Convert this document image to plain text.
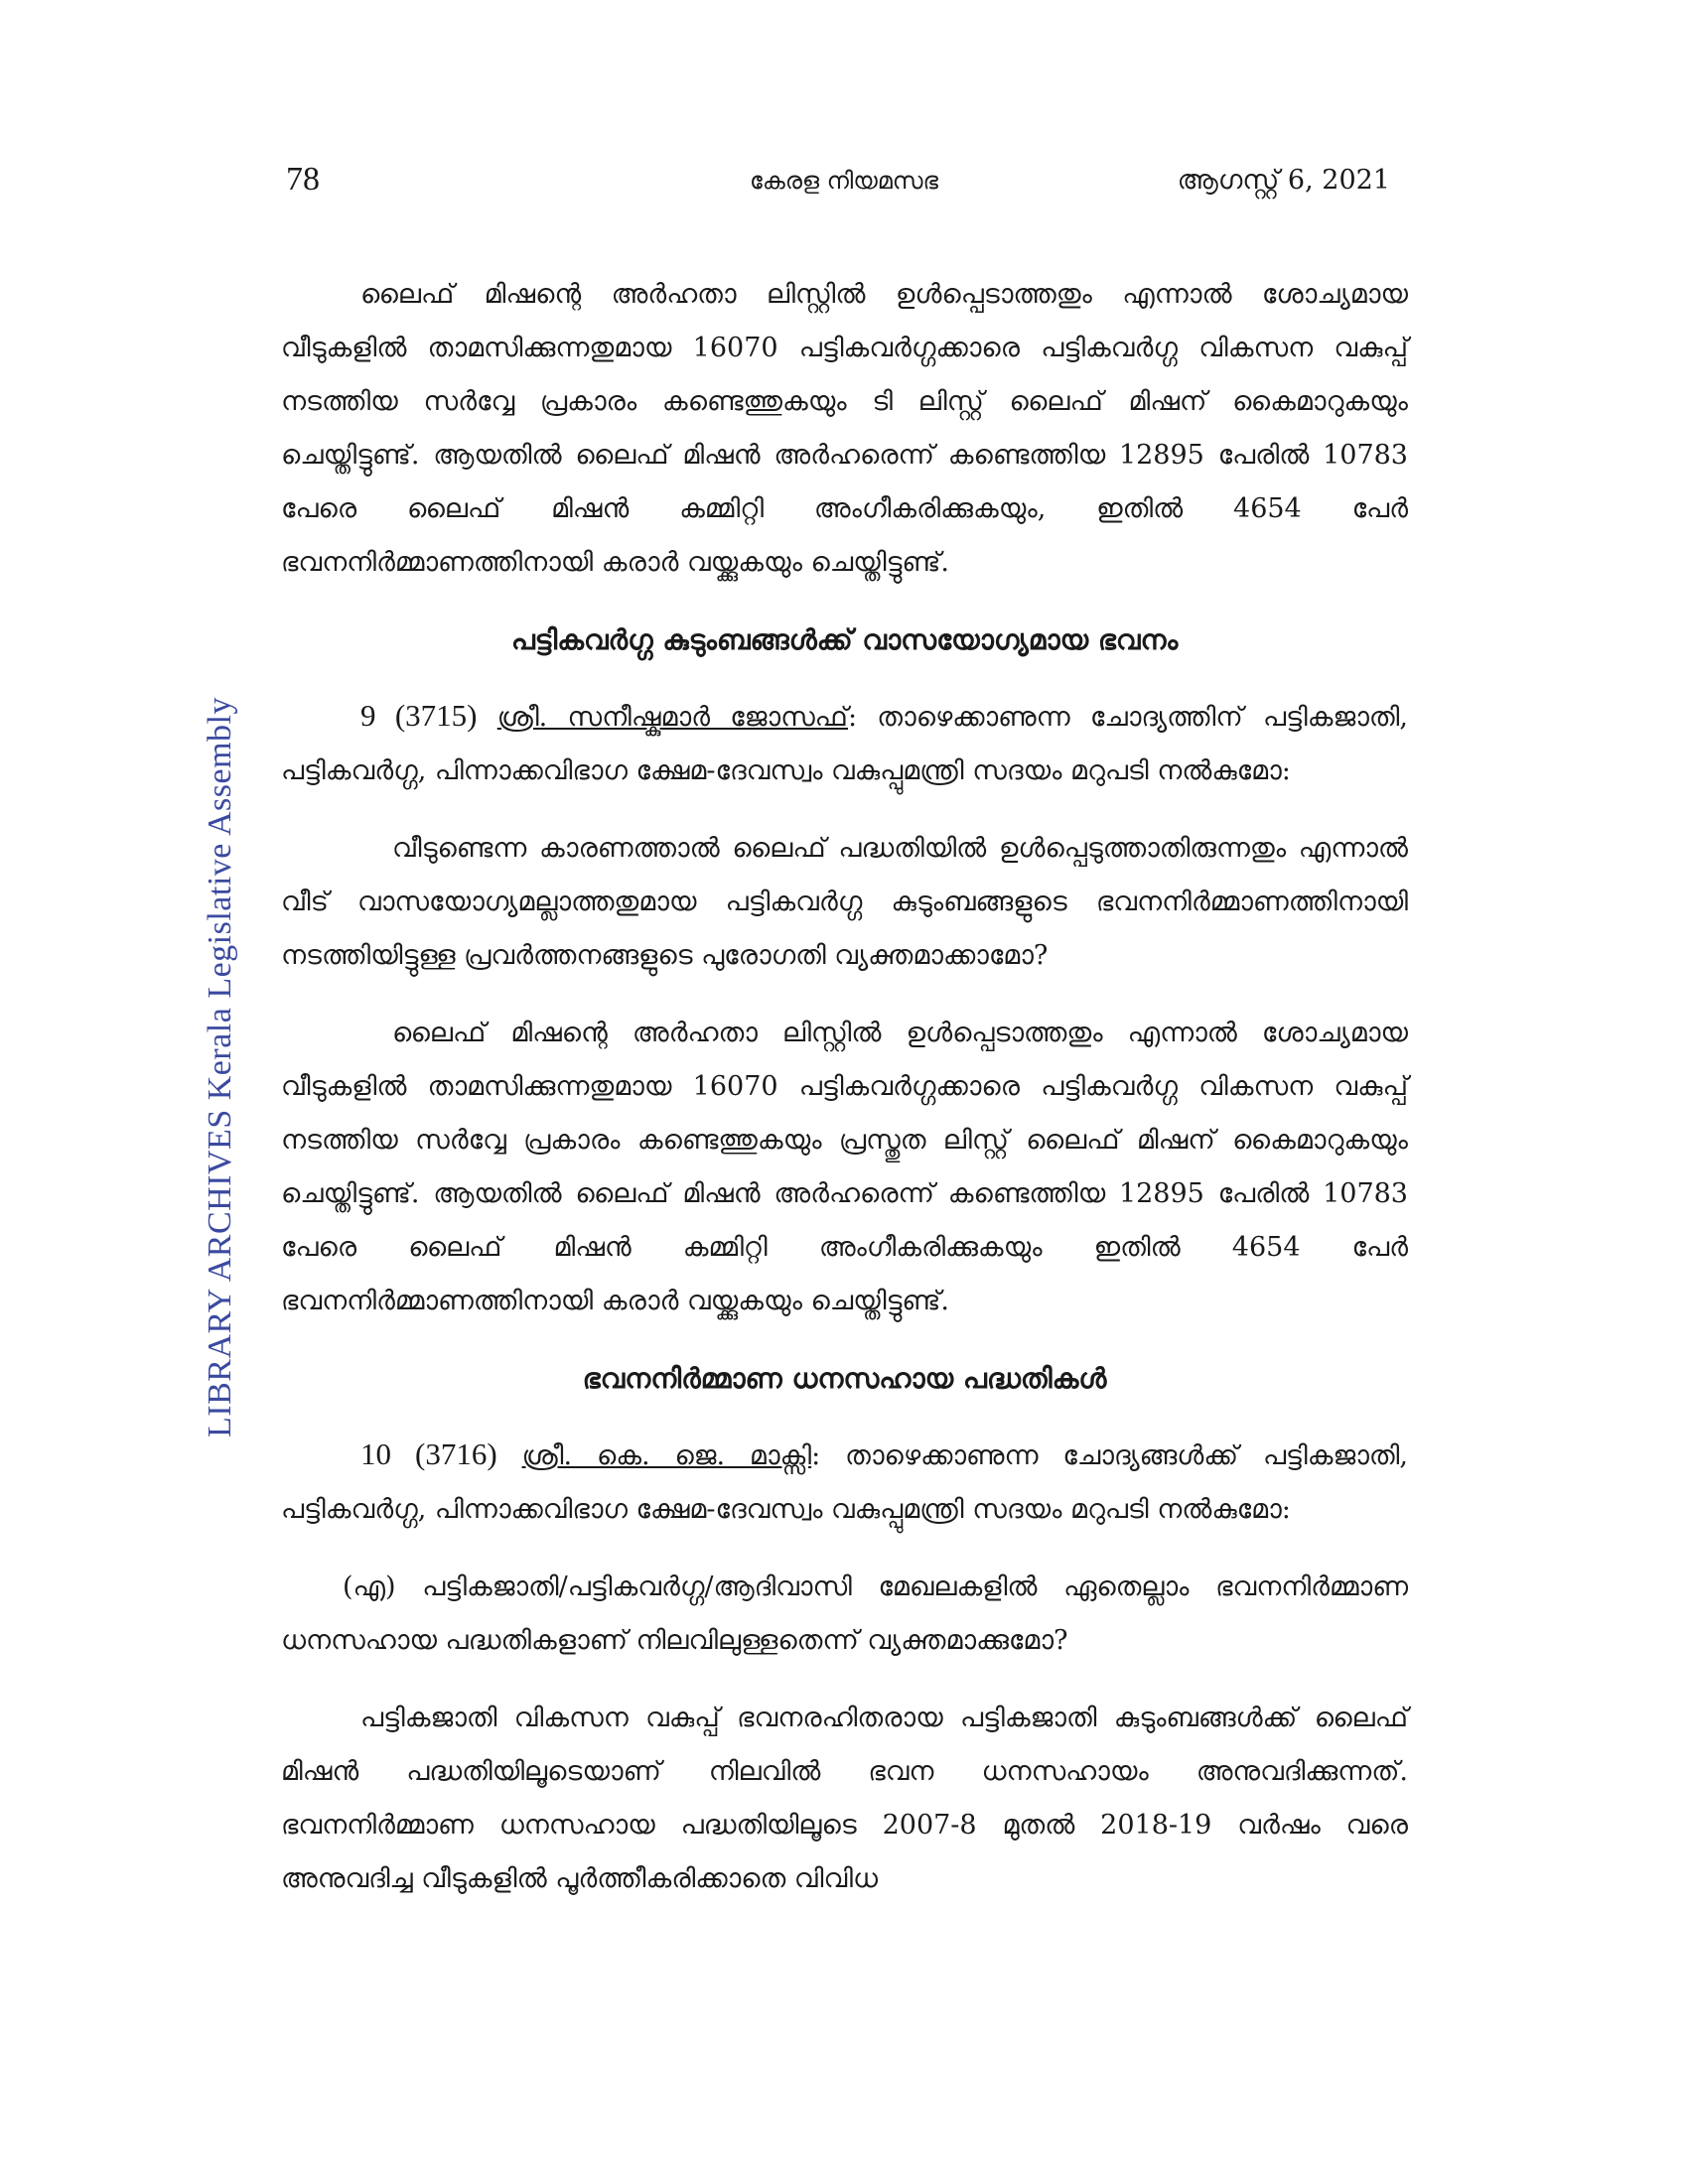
78	കേരള നിയമസഭ	ആഗസ്റ്റ് 6, 2021
LIBRARY ARCHIVES Kerala Legislative Assembly

ലൈഫ് മിഷന്റെ അർഹതാ ലിസ്റ്റിൽ ഉൾപ്പെടാത്തതും എന്നാൽ ശോച്യമായ വീടുകളിൽ താമസിക്കുന്നതുമായ 16070 പട്ടികവർഗ്ഗക്കാരെ പട്ടികവർഗ്ഗ വികസന വകുപ്പ് നടത്തിയ സർവ്വേ പ്രകാരം കണ്ടെത്തുകയും ടി ലിസ്റ്റ് ലൈഫ് മിഷന് കൈമാറുകയും ചെയ്തിട്ടുണ്ട്. ആയതിൽ ലൈഫ് മിഷൻ അർഹരെന്ന് കണ്ടെത്തിയ 12895 പേരിൽ 10783 പേരെ ലൈഫ് മിഷൻ കമ്മിറ്റി അംഗീകരിക്കുകയും, ഇതിൽ 4654 പേർ ഭവനനിർമ്മാണത്തിനായി കരാർ വയ്ക്കുകയും ചെയ്തിട്ടുണ്ട്.

പട്ടികവർഗ്ഗ കുടുംബങ്ങൾക്ക് വാസയോഗ്യമായ ഭവനം

9 (3715) ശ്രീ. സനീഷ്കുമാർ ജോസഫ്: താഴെക്കാണുന്ന ചോദ്യത്തിന് പട്ടികജാതി, പട്ടികവർഗ്ഗ, പിന്നാക്കവിഭാഗ ക്ഷേമ-ദേവസ്വം വകുപ്പുമന്ത്രി സദയം മറുപടി നൽകുമോ:

വീടുണ്ടെന്ന കാരണത്താൽ ലൈഫ് പദ്ധതിയിൽ ഉൾപ്പെടുത്താതിരുന്നതും എന്നാൽ വീട് വാസയോഗ്യമല്ലാത്തതുമായ പട്ടികവർഗ്ഗ കുടുംബങ്ങളുടെ ഭവനനിർമ്മാണത്തിനായി നടത്തിയിട്ടുള്ള പ്രവർത്തനങ്ങളുടെ പുരോഗതി വ്യക്തമാക്കാമോ?

ലൈഫ് മിഷന്റെ അർഹതാ ലിസ്റ്റിൽ ഉൾപ്പെടാത്തതും എന്നാൽ ശോച്യമായ വീടുകളിൽ താമസിക്കുന്നതുമായ 16070 പട്ടികവർഗ്ഗക്കാരെ പട്ടികവർഗ്ഗ വികസന വകുപ്പ് നടത്തിയ സർവ്വേ പ്രകാരം കണ്ടെത്തുകയും പ്രസ്തുത ലിസ്റ്റ് ലൈഫ് മിഷന് കൈമാറുകയും ചെയ്തിട്ടുണ്ട്. ആയതിൽ ലൈഫ് മിഷൻ അർഹരെന്ന് കണ്ടെത്തിയ 12895 പേരിൽ 10783 പേരെ ലൈഫ് മിഷൻ കമ്മിറ്റി അംഗീകരിക്കുകയും ഇതിൽ 4654 പേർ ഭവനനിർമ്മാണത്തിനായി കരാർ വയ്ക്കുകയും ചെയ്തിട്ടുണ്ട്.

ഭവനനിർമ്മാണ ധനസഹായ പദ്ധതികൾ

10 (3716) ശ്രീ. കെ. ജെ. മാക്സി: താഴെക്കാണുന്ന ചോദ്യങ്ങൾക്ക് പട്ടികജാതി, പട്ടികവർഗ്ഗ, പിന്നാക്കവിഭാഗ ക്ഷേമ-ദേവസ്വം വകുപ്പുമന്ത്രി സദയം മറുപടി നൽകുമോ:

(എ) പട്ടികജാതി/പട്ടികവർഗ്ഗ/ആദിവാസി മേഖലകളിൽ ഏതെല്ലാം ഭവനനിർമ്മാണ ധനസഹായ പദ്ധതികളാണ് നിലവിലുള്ളതെന്ന് വ്യക്തമാക്കുമോ?

പട്ടികജാതി വികസന വകുപ്പ് ഭവനരഹിതരായ പട്ടികജാതി കുടുംബങ്ങൾക്ക് ലൈഫ് മിഷൻ പദ്ധതിയിലൂടെയാണ് നിലവിൽ ഭവന ധനസഹായം അനുവദിക്കുന്നത്. ഭവനനിർമ്മാണ ധനസഹായ പദ്ധതിയിലൂടെ 2007-8 മുതൽ 2018-19 വർഷം വരെ അനുവദിച്ച വീടുകളിൽ പൂർത്തീകരിക്കാതെ വിവിധ
